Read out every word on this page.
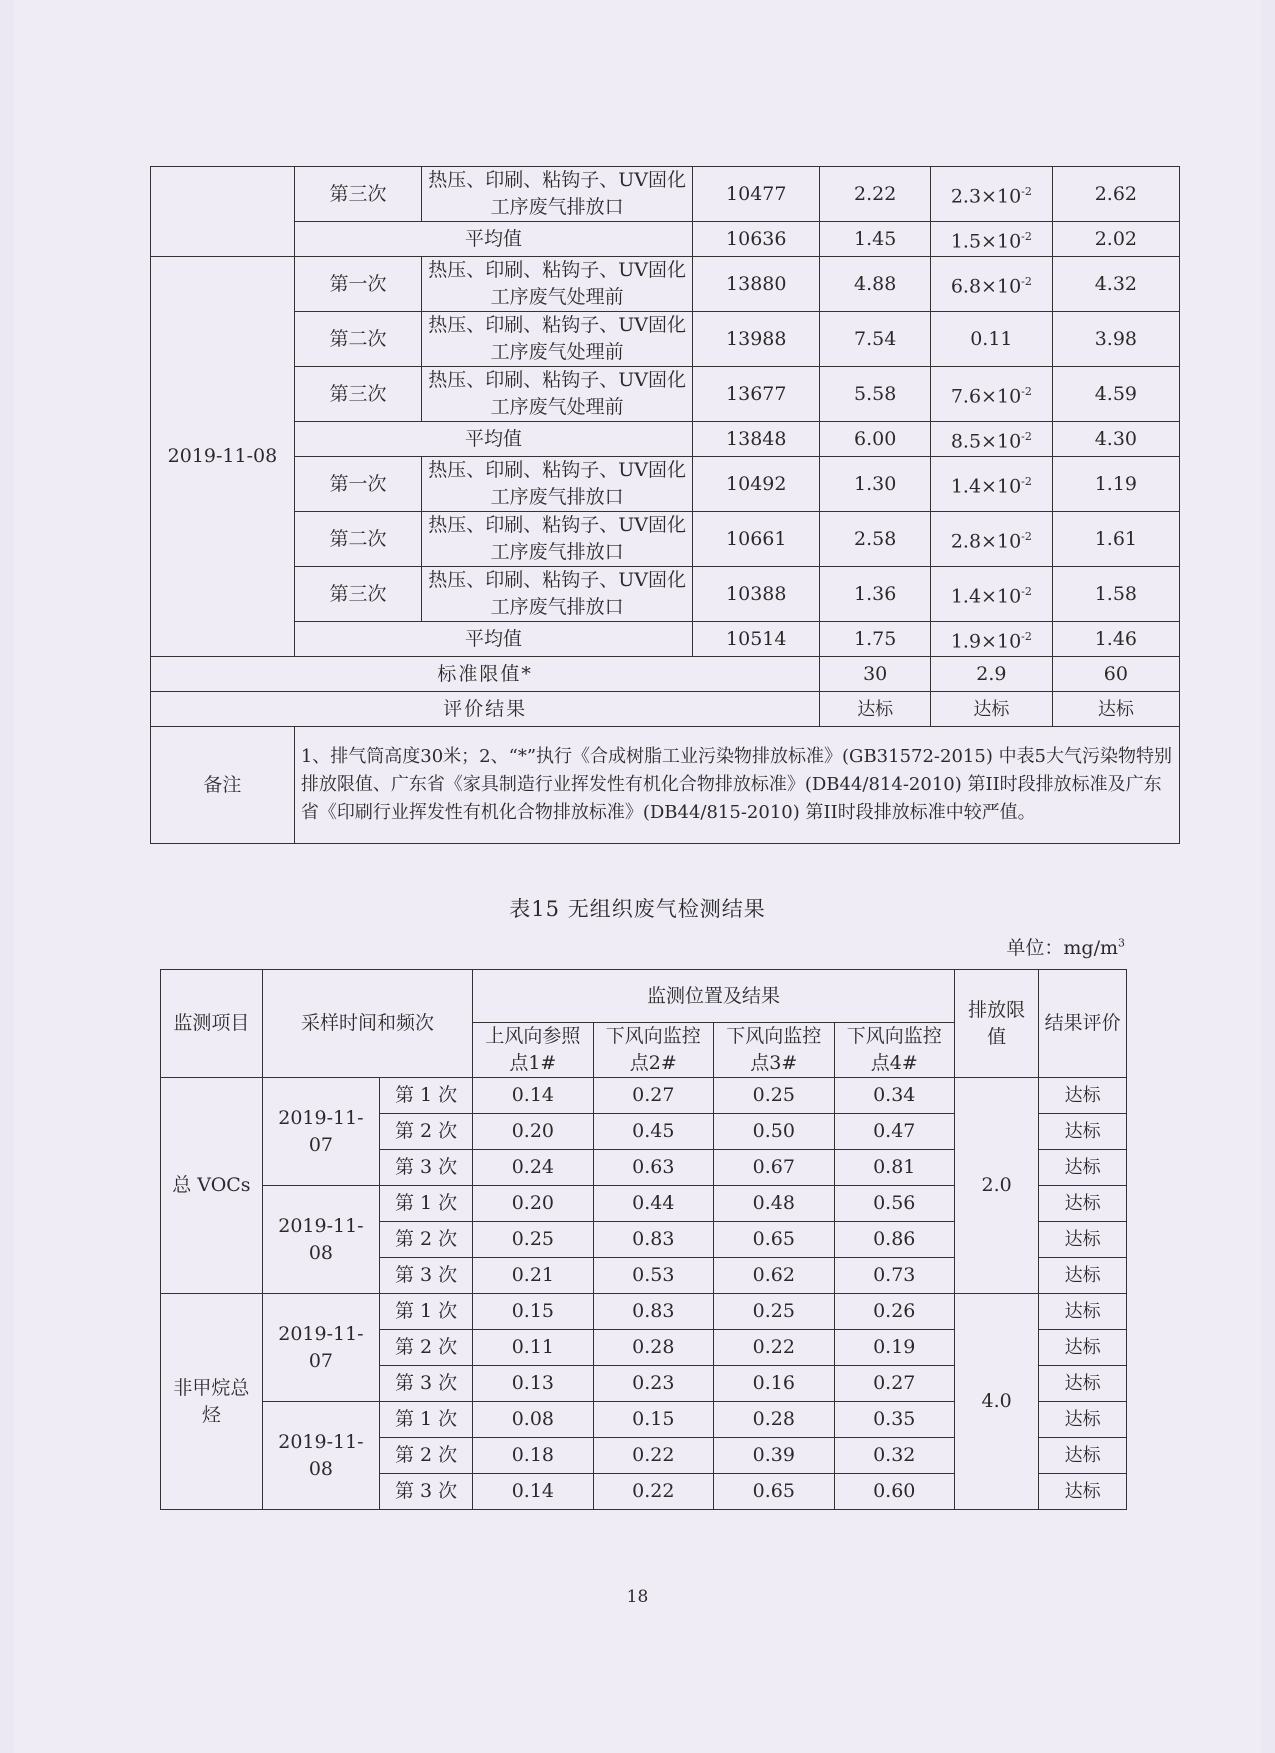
	第三次	热压、印刷、粘钩子、UV固化工序废气排放口	10477	2.22	$2.3\times 10^{-2}$	2.62
	平均值		10636	1.45	$1.5\times 10^{-2}$	2.02
2019-11-08	第一次	热压、印刷、粘钩子、UV固化工序废气处理前	13880	4.88	$6.8\times 10^{-2}$	4.32
	第二次	热压、印刷、粘钩子、UV固化工序废气处理前	13988	7.54	0.11	3.98
	第三次	热压、印刷、粘钩子、UV固化工序废气处理前	13677	5.58	$7.6\times 10^{-2}$	4.59
	平均值		13848	6.00	$8.5\times 10^{-2}$	4.30
	第一次	热压、印刷、粘钩子、UV固化工序废气排放口	10492	1.30	$1.4\times 10^{-2}$	1.19
	第二次	热压、印刷、粘钩子、UV固化工序废气排放口	10661	2.58	$2.8\times 10^{-2}$	1.61
	第三次	热压、印刷、粘钩子、UV固化工序废气排放口	10388	1.36	$1.4\times 10^{-2}$	1.58
	平均值		10514	1.75	$1.9\times 10^{-2}$	1.46
标准限值*				30	2.9	60
评价结果				达标	达标	达标
备注	1、排气筒高度30米；2、“*”执行《合成树脂工业污染物排放标准》(GB31572-2015) 中表5大气污染物特别排放限值、广东省《家具制造行业挥发性有机化合物排放标准》(DB44/814-2010) 第II时段排放标准及广东省《印刷行业挥发性有机化合物排放标准》(DB44/815-2010) 第II时段排放标准中较严值。					
表15 无组织废气检测结果
单位：$mg/m^3$
监测项目	采样时间和频次		监测位置及结果				排放限值	结果评价
			上风向参照点1#	下风向监控点2#	下风向监控点3#	下风向监控点4#		
总 VOCs	2019-11-07	第 1 次	0.14	0.27	0.25	0.34	2.0	达标
		第 2 次	0.20	0.45	0.50	0.47		达标
		第 3 次	0.24	0.63	0.67	0.81		达标
	2019-11-08	第 1 次	0.20	0.44	0.48	0.56		达标
		第 2 次	0.25	0.83	0.65	0.86		达标
		第 3 次	0.21	0.53	0.62	0.73		达标
非甲烷总烃	2019-11-07	第 1 次	0.15	0.83	0.25	0.26	4.0	达标
		第 2 次	0.11	0.28	0.22	0.19		达标
		第 3 次	0.13	0.23	0.16	0.27		达标
	2019-11-08	第 1 次	0.08	0.15	0.28	0.35		达标
		第 2 次	0.18	0.22	0.39	0.32		达标
		第 3 次	0.14	0.22	0.65	0.60		达标
18
